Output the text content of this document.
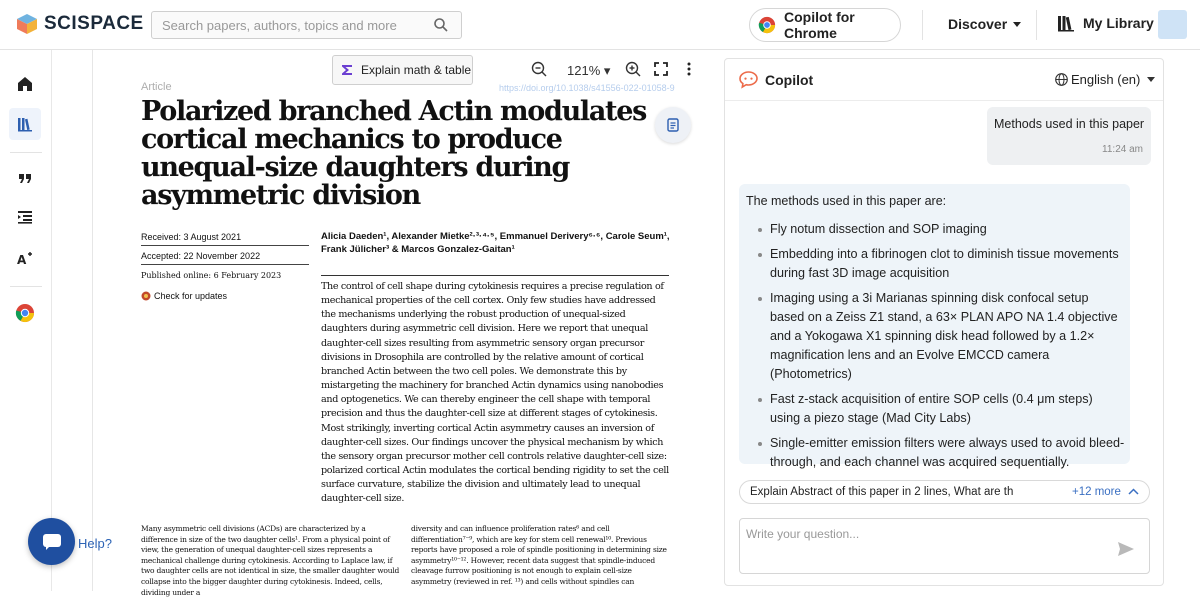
SCISPACE
Search papers, authors, topics and more	Copilot for Chrome
Discover	My Library
A
Article	https://doi.org/10.1038/s41556-022-01058-9
Polarized branched Actin modulates cortical mechanics to produce unequal-size daughters during asymmetric division
Received: 3 August 2021
Accepted: 22 November 2022
Published online: 6 February 2023
Check for updates
Alicia Daeden¹, Alexander Mietke²·³·⁴·⁵, Emmanuel Derivery⁶·⁶, Carole Seum¹, Frank Jülicher³ & Marcos Gonzalez-Gaitan¹
The control of cell shape during cytokinesis requires a precise regulation of mechanical properties of the cell cortex. Only few studies have addressed the mechanisms underlying the robust production of unequal-sized daughters during asymmetric cell division. Here we report that unequal daughter-cell sizes resulting from asymmetric sensory organ precursor divisions in Drosophila are controlled by the relative amount of cortical branched Actin between the two cell poles. We demonstrate this by mistargeting the machinery for branched Actin dynamics using nanobodies and optogenetics. We can thereby engineer the cell shape with temporal precision and thus the daughter-cell size at different stages of cytokinesis. Most strikingly, inverting cortical Actin asymmetry causes an inversion of daughter-cell sizes. Our findings uncover the physical mechanism by which the sensory organ precursor mother cell controls relative daughter-cell size: polarized cortical Actin modulates the cortical bending rigidity to set the cell surface curvature, stabilize the division and ultimately lead to unequal daughter-cell size.
Many asymmetric cell divisions (ACDs) are characterized by a difference in size of the two daughter cells¹. From a physical point of view, the generation of unequal daughter-cell sizes represents a mechanical challenge during cytokinesis. According to Laplace law, if two daughter cells are not identical in size, the smaller daughter would collapse into the bigger daughter during cytokinesis. Indeed, cells, dividing under a
diversity and can influence proliferation rates⁶ and cell differentiation⁷⁻⁹, which are key for stem cell renewal¹⁰. Previous reports have proposed a role of spindle positioning in determining size asymmetry¹⁰⁻¹². However, recent data suggest that spindle-induced cleavage furrow positioning is not enough to explain cell-size asymmetry (reviewed in ref. ¹³) and cells without spindles can
Explain math & table	121% ▾
Copilot	English (en)
Methods used in this paper
11:24 am
The methods used in this paper are:
Fly notum dissection and SOP imaging
Embedding into a fibrinogen clot to diminish tissue movements during fast 3D image acquisition
Imaging using a 3i Marianas spinning disk confocal setup based on a Zeiss Z1 stand, a 63× PLAN APO NA 1.4 objective and a Yokogawa X1 spinning disk head followed by a 1.2× magnification lens and an Evolve EMCCD camera (Photometrics)
Fast z-stack acquisition of entire SOP cells (0.4 μm steps) using a piezo stage (Mad City Labs)
Single-emitter emission filters were always used to avoid bleed-through, and each channel was acquired sequentially.
Explain Abstract of this paper in 2 lines, What are th	+12 more
Write your question...
Help?
